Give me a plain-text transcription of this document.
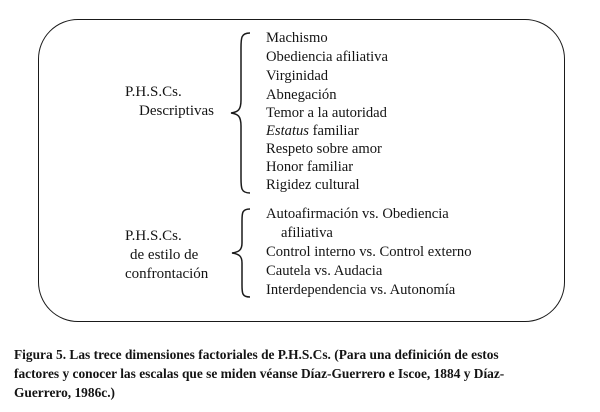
P.H.S.Cs.
Descriptivas
Machismo
Obediencia afiliativa
Virginidad
Abnegación
Temor a la autoridad
Estatus familiar
Respeto sobre amor
Honor familiar
Rigidez cultural
P.H.S.Cs.
de estilo de
confrontación
Autoafirmación vs. Obediencia
afiliativa
Control interno vs. Control externo
Cautela vs. Audacia
Interdependencia vs. Autonomía
Figura 5. Las trece dimensiones factoriales de P.H.S.Cs. (Para una definición de estos
factores y conocer las escalas que se miden véanse Díaz-Guerrero e Iscoe, 1884 y Díaz-
Guerrero, 1986c.)
